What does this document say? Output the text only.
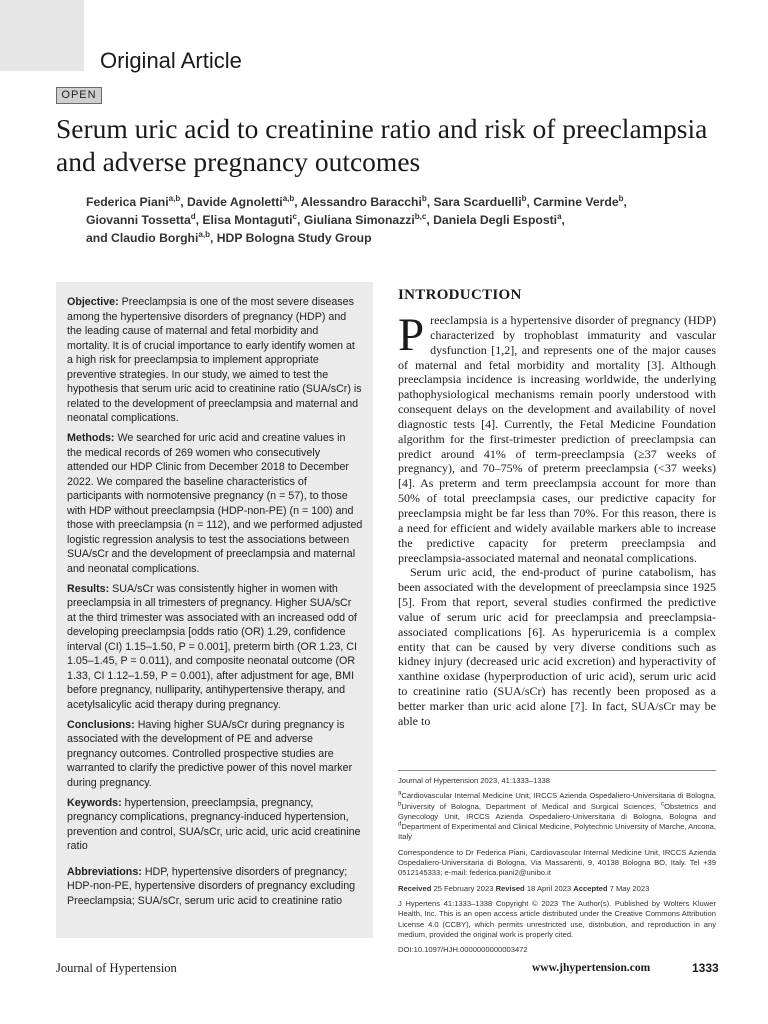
Original Article
OPEN
Serum uric acid to creatinine ratio and risk of preeclampsia and adverse pregnancy outcomes
Federica Piani$^{a,b}$, Davide Agnoletti$^{a,b}$, Alessandro Baracchi$^b$, Sara Scarduelli$^b$, Carmine Verde$^b$,
Giovanni Tossetta$^d$, Elisa Montaguti$^c$, Giuliana Simonazzi$^{b,c}$, Daniela Degli Esposti$^a$,
and Claudio Borghi$^{a,b}$, HDP Bologna Study Group

Objective: Preeclampsia is one of the most severe diseases among the hypertensive disorders of pregnancy (HDP) and the leading cause of maternal and fetal morbidity and mortality. It is of crucial importance to early identify women at a high risk for preeclampsia to implement appropriate preventive strategies. In our study, we aimed to test the hypothesis that serum uric acid to creatinine ratio (SUA/sCr) is related to the development of preeclampsia and maternal and neonatal complications.

Methods: We searched for uric acid and creatine values in the medical records of 269 women who consecutively attended our HDP Clinic from December 2018 to December 2022. We compared the baseline characteristics of participants with normotensive pregnancy (n = 57), to those with HDP without preeclampsia (HDP-non-PE) (n = 100) and those with preeclampsia (n = 112), and we performed adjusted logistic regression analysis to test the associations between SUA/sCr and the development of preeclampsia and maternal and neonatal complications.

Results: SUA/sCr was consistently higher in women with preeclampsia in all trimesters of pregnancy. Higher SUA/sCr at the third trimester was associated with an increased odd of developing preeclampsia [odds ratio (OR) 1.29, confidence interval (CI) 1.15–1.50, P = 0.001], preterm birth (OR 1.23, CI 1.05–1.45, P = 0.011), and composite neonatal outcome (OR 1.33, CI 1.12–1.59, P = 0.001), after adjustment for age, BMI before pregnancy, nulliparity, antihypertensive therapy, and acetylsalicylic acid therapy during pregnancy.

Conclusions: Having higher SUA/sCr during pregnancy is associated with the development of PE and adverse pregnancy outcomes. Controlled prospective studies are warranted to clarify the predictive power of this novel marker during pregnancy.

Keywords: hypertension, preeclampsia, pregnancy, pregnancy complications, pregnancy-induced hypertension, prevention and control, SUA/sCr, uric acid, uric acid creatinine ratio

Abbreviations: HDP, hypertensive disorders of pregnancy; HDP-non-PE, hypertensive disorders of pregnancy excluding Preeclampsia; SUA/sCr, serum uric acid to creatinine ratio

INTRODUCTION

Preeclampsia is a hypertensive disorder of pregnancy (HDP) characterized by trophoblast immaturity and vascular dysfunction [1,2], and represents one of the major causes of maternal and fetal morbidity and mortality [3]. Although preeclampsia incidence is increasing worldwide, the underlying pathophysiological mechanisms remain poorly understood with consequent delays on the development and availability of novel diagnostic tests [4]. Currently, the Fetal Medicine Foundation algorithm for the first-trimester prediction of preeclampsia can predict around 41% of term-preeclampsia (≥37 weeks of pregnancy), and 70–75% of preterm preeclampsia (<37 weeks) [4]. As preterm and term preeclampsia account for more than 50% of total preeclampsia cases, our predictive capacity for preeclampsia might be far less than 70%. For this reason, there is a need for efficient and widely available markers able to increase the predictive capacity for preterm preeclampsia and preeclampsia-associated maternal and neonatal complications.

Serum uric acid, the end-product of purine catabolism, has been associated with the development of preeclampsia since 1925 [5]. From that report, several studies confirmed the predictive value of serum uric acid for preeclampsia and preeclampsia-associated complications [6]. As hyperuricemia is a complex entity that can be caused by very diverse conditions such as kidney injury (decreased uric acid excretion) and hyperactivity of xanthine oxidase (hyperproduction of uric acid), serum uric acid to creatinine ratio (SUA/sCr) has recently been proposed as a better marker than uric acid alone [7]. In fact, SUA/sCr may be able to

Journal of Hypertension 2023, 41:1333–1338

$^a$Cardiovascular Internal Medicine Unit, IRCCS Azienda Ospedaliero-Universitaria di Bologna, $^b$University of Bologna, Department of Medical and Surgical Sciences, $^c$Obstetrics and Gynecology Unit, IRCCS Azienda Ospedaliero-Universitaria di Bologna, Bologna and $^d$Department of Experimental and Clinical Medicine, Polytechnic University of Marche, Ancona, Italy

Correspondence to Dr Federica Piani, Cardiovascular Internal Medicine Unit, IRCCS Azienda Ospedaliero-Universitaria di Bologna, Via Massarenti, 9, 40138 Bologna BO, Italy. Tel +39 0512145333; e-mail: federica.piani2@unibo.it

Received 25 February 2023 Revised 18 April 2023 Accepted 7 May 2023

J Hypertens 41:1333–1338 Copyright © 2023 The Author(s). Published by Wolters Kluwer Health, Inc. This is an open access article distributed under the Creative Commons Attribution License 4.0 (CCBY), which permits unrestricted use, distribution, and reproduction in any medium, provided the original work is properly cited.

DOI:10.1097/HJH.0000000000003472

Journal of Hypertension	www.jhypertension.com	1333
